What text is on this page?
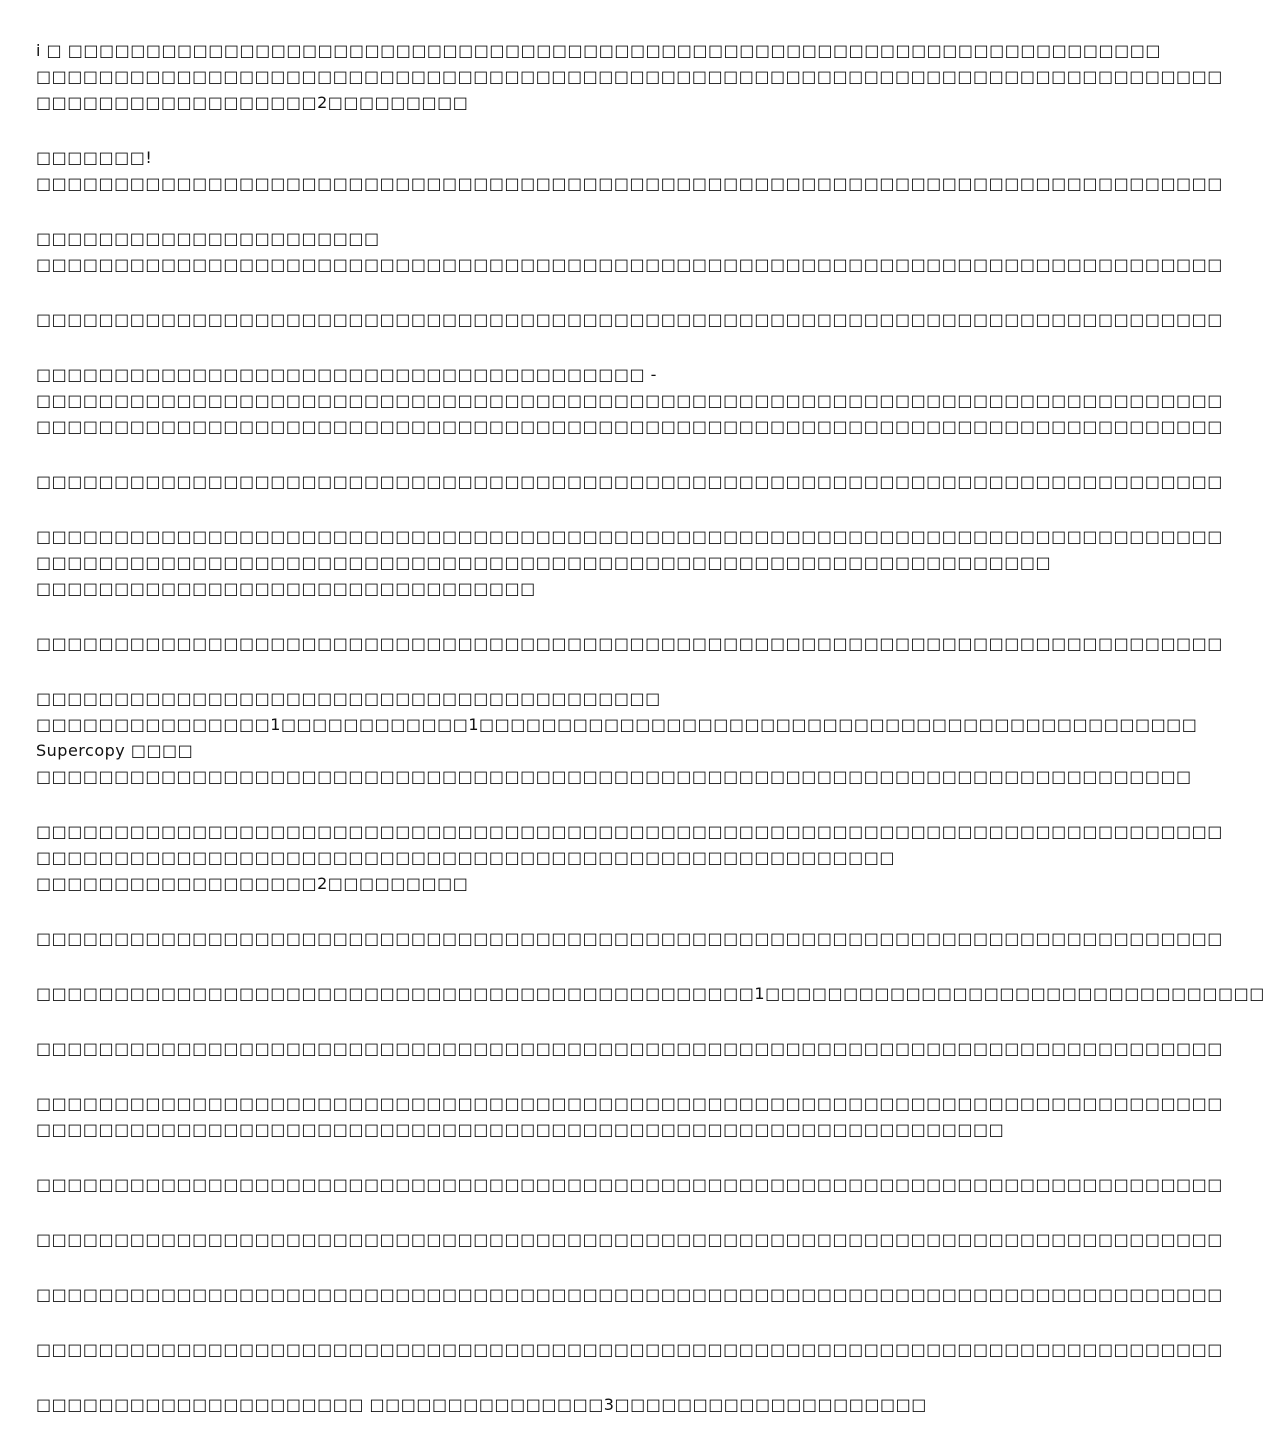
i □ □□□□□□□□□□□□□□□□□□□□□□□□□□□□□□□□□□□□□□□□□□□□□□□□□□□□□□□□□□□□□□□□□□□□□□
□□□□□□□□□□□□□□□□□□□□□□□□□□□□□□□□□□□□□□□□□□□□□□□□□□□□□□□□□□□□□□□□□□□□□□□□□□□□
□□□□□□□□□□□□□□□□□□2□□□□□□□□□
□□□□□□□!
□□□□□□□□□□□□□□□□□□□□□□□□□□□□□□□□□□□□□□□□□□□□□□□□□□□□□□□□□□□□□□□□□□□□□□□□□□□□
□□□□□□□□□□□□□□□□□□□□□□
□□□□□□□□□□□□□□□□□□□□□□□□□□□□□□□□□□□□□□□□□□□□□□□□□□□□□□□□□□□□□□□□□□□□□□□□□□□□
□□□□□□□□□□□□□□□□□□□□□□□□□□□□□□□□□□□□□□□□□□□□□□□□□□□□□□□□□□□□□□□□□□□□□□□□□□□□
□□□□□□□□□□□□□□□□□□□□□□□□□□□□□□□□□□□□□□□ -
□□□□□□□□□□□□□□□□□□□□□□□□□□□□□□□□□□□□□□□□□□□□□□□□□□□□□□□□□□□□□□□□□□□□□□□□□□□□
□□□□□□□□□□□□□□□□□□□□□□□□□□□□□□□□□□□□□□□□□□□□□□□□□□□□□□□□□□□□□□□□□□□□□□□□□□□□
□□□□□□□□□□□□□□□□□□□□□□□□□□□□□□□□□□□□□□□□□□□□□□□□□□□□□□□□□□□□□□□□□□□□□□□□□□□□
□□□□□□□□□□□□□□□□□□□□□□□□□□□□□□□□□□□□□□□□□□□□□□□□□□□□□□□□□□□□□□□□□□□□□□□□□□□□
□□□□□□□□□□□□□□□□□□□□□□□□□□□□□□□□□□□□□□□□□□□□□□□□□□□□□□□□□□□□□□□□□
□□□□□□□□□□□□□□□□□□□□□□□□□□□□□□□□
□□□□□□□□□□□□□□□□□□□□□□□□□□□□□□□□□□□□□□□□□□□□□□□□□□□□□□□□□□□□□□□□□□□□□□□□□□□□
□□□□□□□□□□□□□□□□□□□□□□□□□□□□□□□□□□□□□□□□
□□□□□□□□□□□□□□□1□□□□□□□□□□□□1□□□□□□□□□□□□□□□□□□□□□□□□□□□□□□□□□□□□□□□□□□□□□□
Supercopy □□□□
□□□□□□□□□□□□□□□□□□□□□□□□□□□□□□□□□□□□□□□□□□□□□□□□□□□□□□□□□□□□□□□□□□□□□□□□□□
□□□□□□□□□□□□□□□□□□□□□□□□□□□□□□□□□□□□□□□□□□□□□□□□□□□□□□□□□□□□□□□□□□□□□□□□□□□□
□□□□□□□□□□□□□□□□□□□□□□□□□□□□□□□□□□□□□□□□□□□□□□□□□□□□□□□
□□□□□□□□□□□□□□□□□□2□□□□□□□□□
□□□□□□□□□□□□□□□□□□□□□□□□□□□□□□□□□□□□□□□□□□□□□□□□□□□□□□□□□□□□□□□□□□□□□□□□□□□□
□□□□□□□□□□□□□□□□□□□□□□□□□□□□□□□□□□□□□□□□□□□□□□1□□□□□□□□□□□□□□□□□□□□□□□□□□□□□□□□
□□□□□□□□□□□□□□□□□□□□□□□□□□□□□□□□□□□□□□□□□□□□□□□□□□□□□□□□□□□□□□□□□□□□□□□□□□□□
□□□□□□□□□□□□□□□□□□□□□□□□□□□□□□□□□□□□□□□□□□□□□□□□□□□□□□□□□□□□□□□□□□□□□□□□□□□□
□□□□□□□□□□□□□□□□□□□□□□□□□□□□□□□□□□□□□□□□□□□□□□□□□□□□□□□□□□□□□□
□□□□□□□□□□□□□□□□□□□□□□□□□□□□□□□□□□□□□□□□□□□□□□□□□□□□□□□□□□□□□□□□□□□□□□□□□□□□
□□□□□□□□□□□□□□□□□□□□□□□□□□□□□□□□□□□□□□□□□□□□□□□□□□□□□□□□□□□□□□□□□□□□□□□□□□□□
□□□□□□□□□□□□□□□□□□□□□□□□□□□□□□□□□□□□□□□□□□□□□□□□□□□□□□□□□□□□□□□□□□□□□□□□□□□□
□□□□□□□□□□□□□□□□□□□□□□□□□□□□□□□□□□□□□□□□□□□□□□□□□□□□□□□□□□□□□□□□□□□□□□□□□□□□
□□□□□□□□□□□□□□□□□□□□□ □□□□□□□□□□□□□□□3□□□□□□□□□□□□□□□□□□□□
